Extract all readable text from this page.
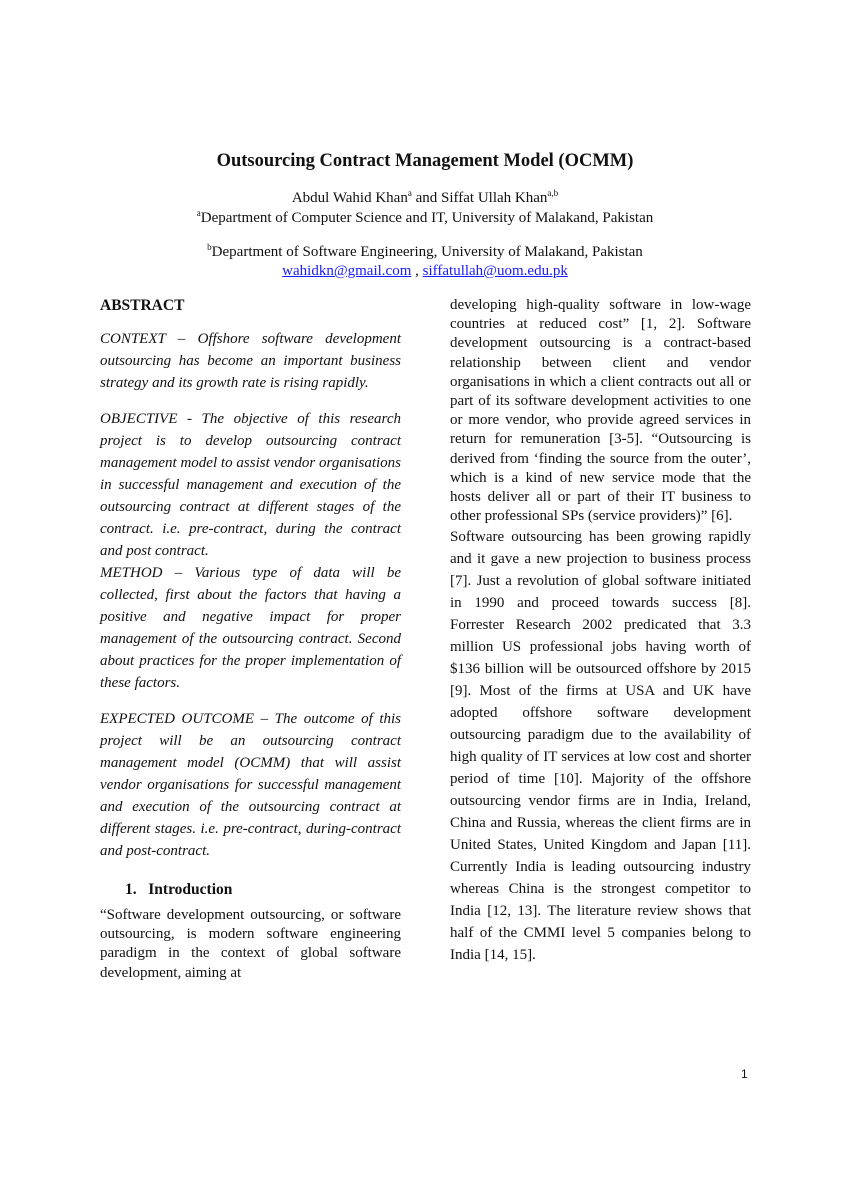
Outsourcing Contract Management Model (OCMM)
Abdul Wahid Khan$^a$ and Siffat Ullah Khan$^{a,b}$
$^a$Department of Computer Science and IT, University of Malakand, Pakistan
$^b$Department of Software Engineering, University of Malakand, Pakistan
wahidkn@gmail.com , siffatullah@uom.edu.pk

ABSTRACT

CONTEXT – Offshore software development outsourcing has become an important business strategy and its growth rate is rising rapidly.

OBJECTIVE - The objective of this research project is to develop outsourcing contract management model to assist vendor organisations in successful management and execution of the outsourcing contract at different stages of the contract. i.e. pre-contract, during the contract and post contract.

METHOD – Various type of data will be collected, first about the factors that having a positive and negative impact for proper management of the outsourcing contract. Second about practices for the proper implementation of these factors.

EXPECTED OUTCOME – The outcome of this project will be an outsourcing contract management model (OCMM) that will assist vendor organisations for successful management and execution of the outsourcing contract at different stages. i.e. pre-contract, during-contract and post-contract.

1.   Introduction

“Software development outsourcing, or software outsourcing, is modern software engineering paradigm in the context of global software development, aiming at

developing high-quality software in low-wage countries at reduced cost” [1, 2]. Software development outsourcing is a contract-based relationship between client and vendor organisations in which a client contracts out all or part of its software development activities to one or more vendor, who provide agreed services in return for remuneration [3-5]. “Outsourcing is derived from ‘finding the source from the outer’, which is a kind of new service mode that the hosts deliver all or part of their IT business to other professional SPs (service providers)” [6].

Software outsourcing has been growing rapidly and it gave a new projection to business process [7]. Just a revolution of global software initiated in 1990 and proceed towards success [8]. Forrester Research 2002 predicated that 3.3 million US professional jobs having worth of $136 billion will be outsourced offshore by 2015 [9]. Most of the firms at USA and UK have adopted offshore software development outsourcing paradigm due to the availability of high quality of IT services at low cost and shorter period of time [10]. Majority of the offshore outsourcing vendor firms are in India, Ireland, China and Russia, whereas the client firms are in United States, United Kingdom and Japan [11]. Currently India is leading outsourcing industry whereas China is the strongest competitor to India [12, 13]. The literature review shows that half of the CMMI level 5 companies belong to India [14, 15].

1
